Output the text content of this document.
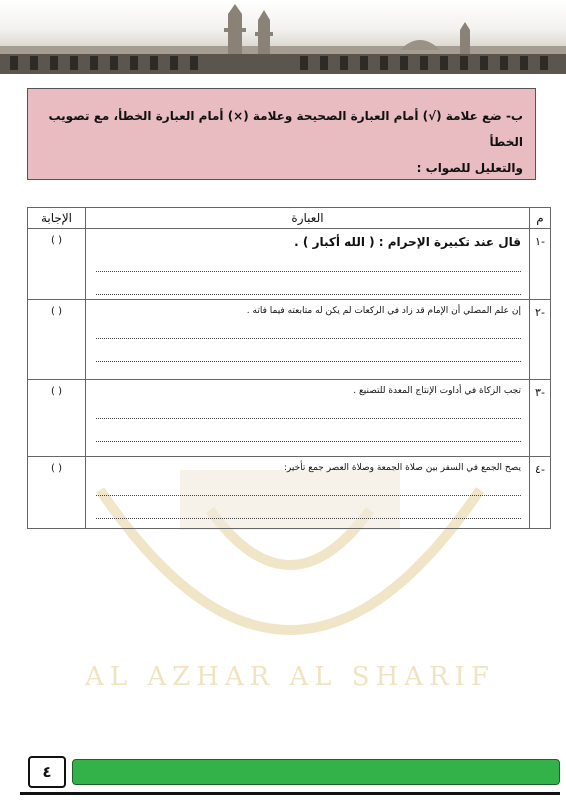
AL AZHAR AL SHARIF
ب- ضع علامة (√) أمام العبارة الصحيحة وعلامة (×) أمام العبارة الخطأ، مع تصويب الخطأ
والتعليل للصواب :
م	العبارة	الإجابة
-١	قال عند تكبيرة الإحرام : ( الله أكبار ) .	( )
-٢	إن علم المصلي أن الإمام قد زاد في الركعات لم يكن له متابعته فيما فاته .	( )
-٣	تجب الزكاة في أداوت الإنتاج المعدة للتصنيع .	( )
-٤	يصح الجمع في السفر بين صلاة الجمعة وصلاة العصر جمع تأخير:	( )
٤
